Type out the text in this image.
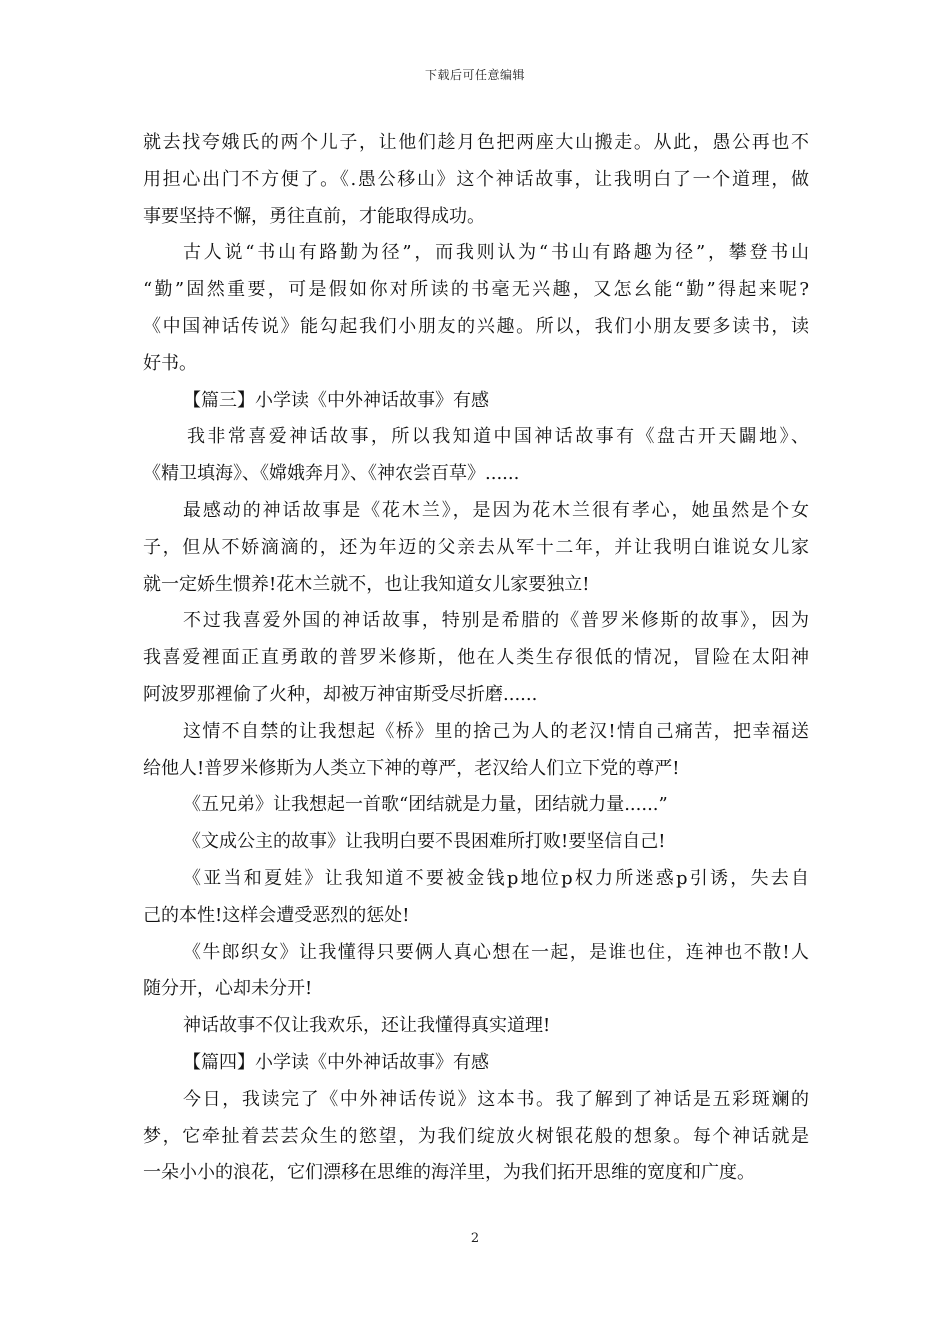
下载后可任意编辑
就去找夸娥氏的两个儿子，让他们趁月色把两座大山搬走。从此，愚公再也不
用担心出门不方便了。《.愚公移山》这个神话故事，让我明白了一个道理，做
事要坚持不懈，勇往直前，才能取得成功。
古人说“书山有路勤为径”，而我则认为“书山有路趣为径”，攀登书山
“勤”固然重要，可是假如你对所读的书毫无兴趣，又怎幺能“勤”得起来呢?
《中国神话传说》能勾起我们小朋友的兴趣。所以，我们小朋友要多读书，读
好书。
【篇三】小学读《中外神话故事》有感
我非常喜爱神话故事，所以我知道中国神话故事有《盘古开天闢地》、
《精卫填海》、《嫦娥奔月》、《神农尝百草》......
最感动的神话故事是《花木兰》，是因为花木兰很有孝心，她虽然是个女
子，但从不娇滴滴的，还为年迈的父亲去从军十二年，并让我明白谁说女儿家
就一定娇生惯养!花木兰就不，也让我知道女儿家要独立!
不过我喜爱外国的神话故事，特别是希腊的《普罗米修斯的故事》，因为
我喜爱裡面正直勇敢的普罗米修斯，他在人类生存很低的情况，冒险在太阳神
阿波罗那裡偷了火种，却被万神宙斯受尽折磨......
这情不自禁的让我想起《桥》里的捨己为人的老汉!情自己痛苦，把幸福送
给他人!普罗米修斯为人类立下神的尊严，老汉给人们立下党的尊严!
《五兄弟》让我想起一首歌“团结就是力量，团结就力量......”
《文成公主的故事》让我明白要不畏困难所打败!要坚信自己!
《亚当和夏娃》让我知道不要被金钱p地位p权力所迷惑p引诱，失去自
己的本性!这样会遭受恶烈的惩处!
《牛郎织女》让我懂得只要俩人真心想在一起，是谁也住，连神也不散!人
随分开，心却未分开!
神话故事不仅让我欢乐，还让我懂得真实道理!
【篇四】小学读《中外神话故事》有感
今日，我读完了《中外神话传说》这本书。我了解到了神话是五彩斑斓的
梦，它牵扯着芸芸众生的慾望，为我们绽放火树银花般的想象。每个神话就是
一朵小小的浪花，它们漂移在思维的海洋里，为我们拓开思维的宽度和广度。
2
